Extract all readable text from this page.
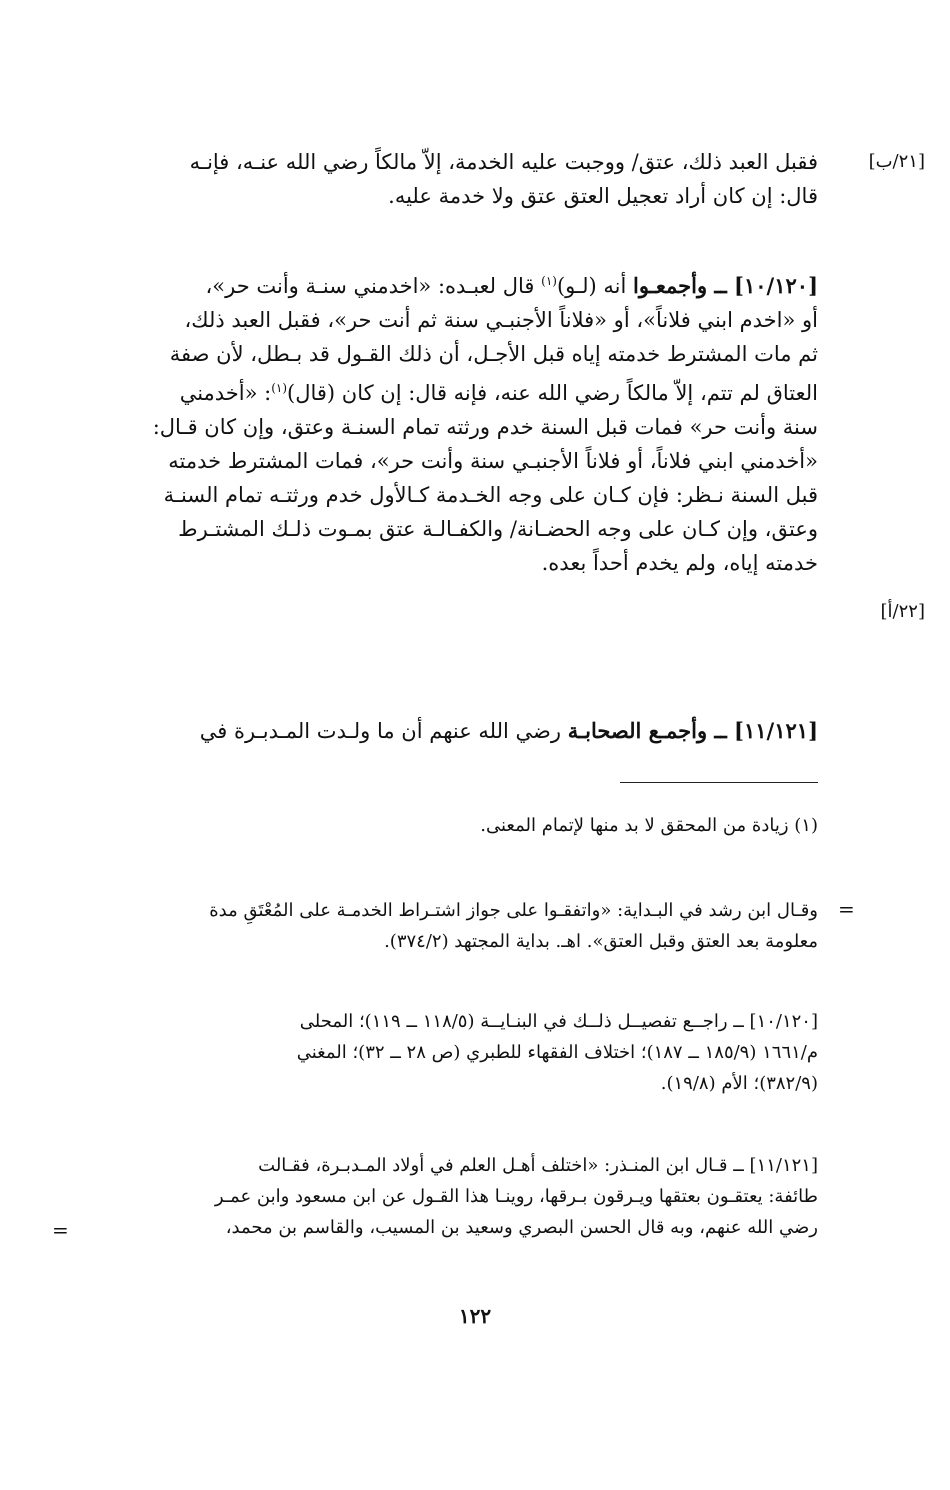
[٢١/ب]
[٢٢/أ]
فقبل العبد ذلك، عتق/ ووجبت عليه الخدمة، إلاّ مالكاً رضي الله عنـه، فإنـه
قال: إن كان أراد تعجيل العتق عتق ولا خدمة عليه.
[١٠/١٢٠] ــ وأجمعـوا أنه (لـو)$^{(١)}$ قال لعبـده: «اخدمني سنـة وأنت حر»،
أو «اخدم ابني فلاناً»، أو «فلاناً الأجنبـي سنة ثم أنت حر»، فقبل العبد ذلك،
ثم مات المشترط خدمته إياه قبل الأجـل، أن ذلك القـول قد بـطل، لأن صفة
العتاق لم تتم، إلاّ مالكاً رضي الله عنه، فإنه قال: إن كان (قال)$^{(١)}$: «أخدمني
سنة وأنت حر» فمات قبل السنة خدم ورثته تمام السنـة وعتق، وإن كان قـال:
«أخدمني ابني فلاناً، أو فلاناً الأجنبـي سنة وأنت حر»، فمات المشترط خدمته
قبل السنة نـظر: فإن كـان على وجه الخـدمة كـالأول خدم ورثتـه تمام السنـة
وعتق، وإن كـان على وجه الحضـانة/ والكفـالـة عتق بمـوت ذلـك المشتـرط
خدمته إياه، ولم يخدم أحداً بعده.
[١١/١٢١] ــ وأجمـع الصحابـة رضي الله عنهم أن ما ولـدت المـدبـرة في
(١) زيادة من المحقق لا بد منها لإتمام المعنى.
=
وقـال ابن رشد في البـداية: «واتفقـوا على جواز اشتـراط الخدمـة على المُعْتَقِ مدة
معلومة بعد العتق وقبل العتق». اهـ. بداية المجتهد (٣٧٤/٢).
[١٠/١٢٠] ــ راجــع تفصيــل ذلــك في البنـايــة (١١٨/٥ ــ ١١٩)؛ المحلى
م/١٦٦١ (١٨٥/٩ ــ ١٨٧)؛ اختلاف الفقهاء للطبري (ص ٢٨ ــ ٣٢)؛ المغني
(٣٨٢/٩)؛ الأم (١٩/٨).
[١١/١٢١] ــ قـال ابن المنـذر: «اختلف أهـل العلم في أولاد المـدبـرة، فقـالت
طائفة: يعتقـون بعتقها ويـرقون بـرقها، روينـا هذا القـول عن ابن مسعود وابن عمـر
رضي الله عنهم، وبه قال الحسن البصري وسعيد بن المسيب، والقاسم بن محمد،
=
١٢٢
